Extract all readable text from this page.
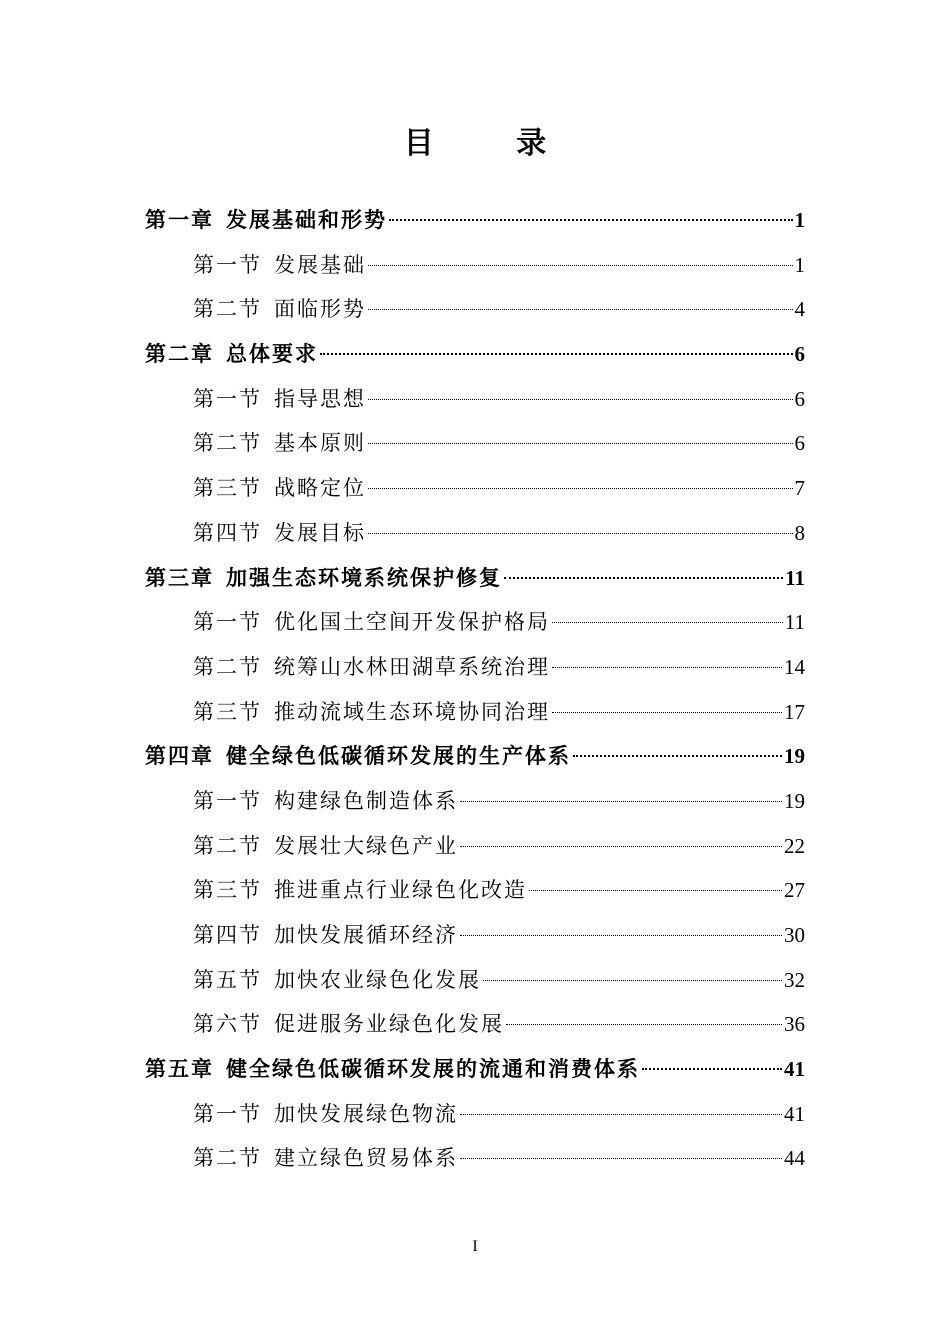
目 录
第一章 发展基础和形势	1
第一节 发展基础	1
第二节 面临形势	4
第二章 总体要求	6
第一节 指导思想	6
第二节 基本原则	6
第三节 战略定位	7
第四节 发展目标	8
第三章 加强生态环境系统保护修复	11
第一节 优化国土空间开发保护格局	11
第二节 统筹山水林田湖草系统治理	14
第三节 推动流域生态环境协同治理	17
第四章 健全绿色低碳循环发展的生产体系	19
第一节 构建绿色制造体系	19
第二节 发展壮大绿色产业	22
第三节 推进重点行业绿色化改造	27
第四节 加快发展循环经济	30
第五节 加快农业绿色化发展	32
第六节 促进服务业绿色化发展	36
第五章 健全绿色低碳循环发展的流通和消费体系	41
第一节 加快发展绿色物流	41
第二节 建立绿色贸易体系	44
I
